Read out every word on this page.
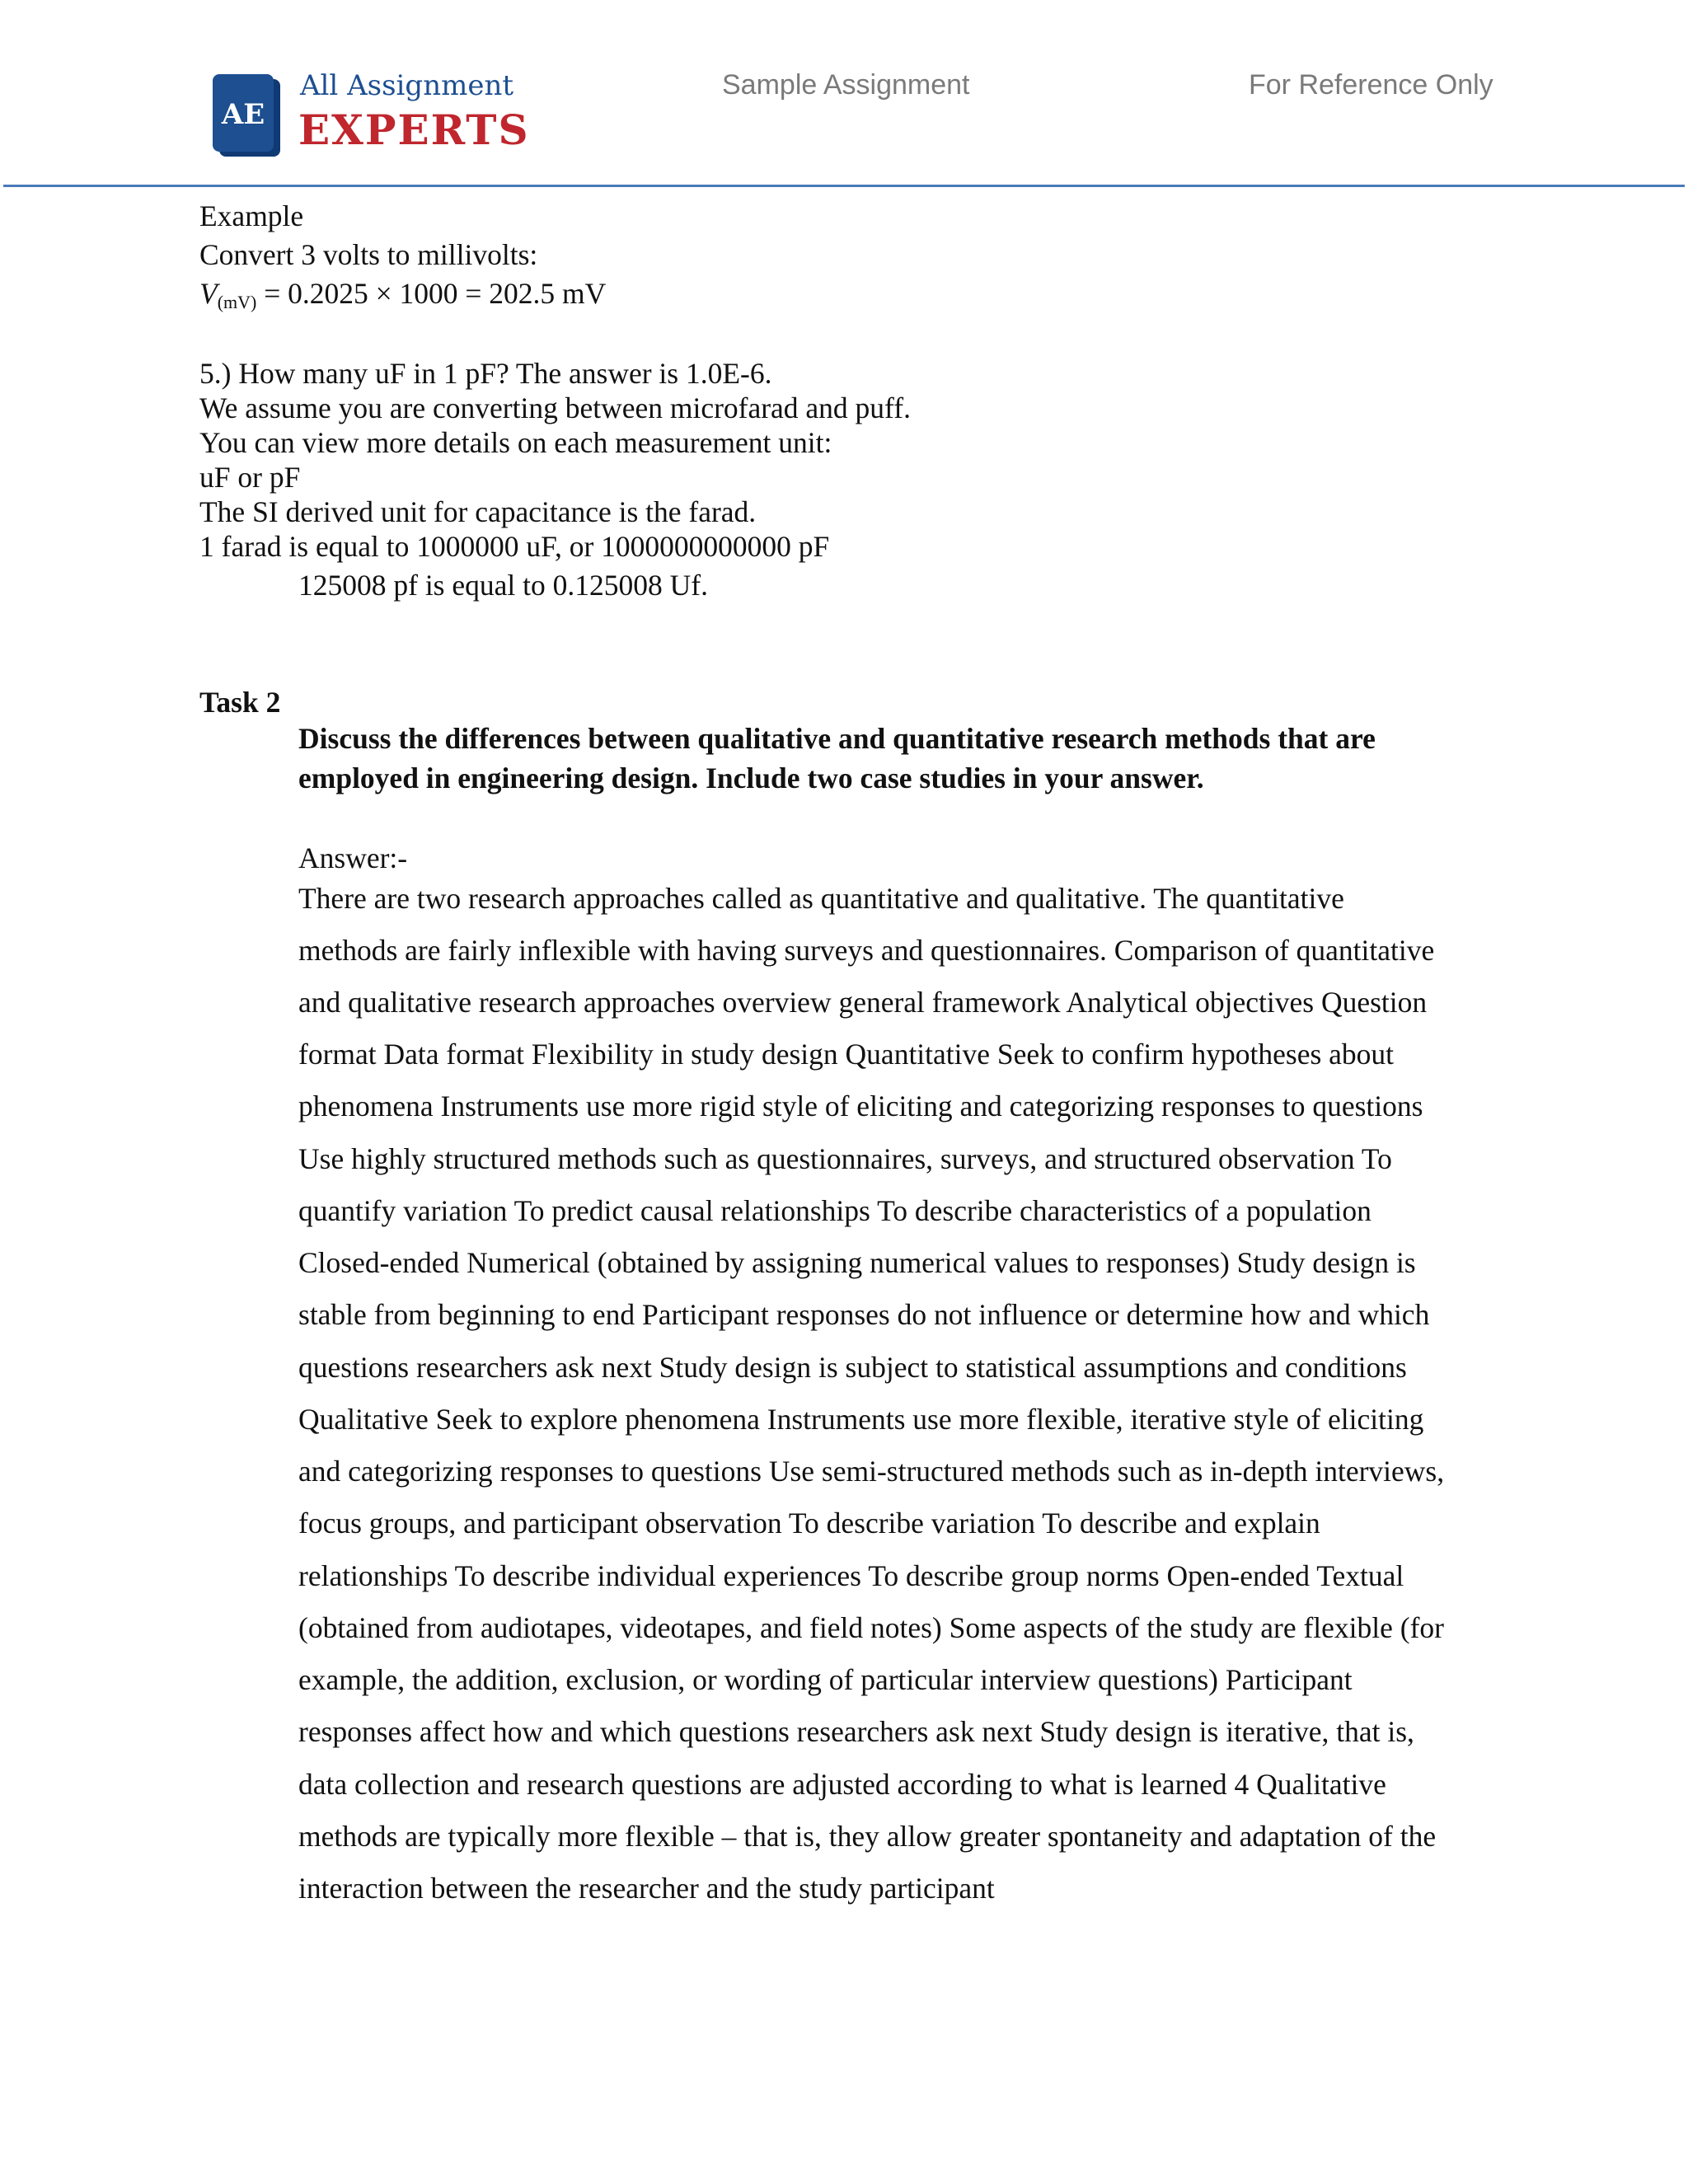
AE
All Assignment
EXPERTS
Sample Assignment	For Reference Only
Example
Convert 3 volts to millivolts:
$V_{(mV)} = 0.2025 \times 1000 = 202.5$ mV
5.) How many uF in 1 pF? The answer is 1.0E-6.
We assume you are converting between microfarad and puff.
You can view more details on each measurement unit:
uF or pF
The SI derived unit for capacitance is the farad.
1 farad is equal to 1000000 uF, or 1000000000000 pF
125008 pf is equal to 0.125008 Uf.
Task 2
Discuss the differences between qualitative and quantitative research methods that are
employed in engineering design. Include two case studies in your answer.
Answer:-
There are two research approaches called as quantitative and qualitative. The quantitative
methods are fairly inflexible with having surveys and questionnaires. Comparison of quantitative
and qualitative research approaches overview general framework Analytical objectives Question
format Data format Flexibility in study design Quantitative Seek to confirm hypotheses about
phenomena Instruments use more rigid style of eliciting and categorizing responses to questions
Use highly structured methods such as questionnaires, surveys, and structured observation To
quantify variation To predict causal relationships To describe characteristics of a population
Closed-ended Numerical (obtained by assigning numerical values to responses) Study design is
stable from beginning to end Participant responses do not influence or determine how and which
questions researchers ask next Study design is subject to statistical assumptions and conditions
Qualitative Seek to explore phenomena Instruments use more flexible, iterative style of eliciting
and categorizing responses to questions Use semi-structured methods such as in-depth interviews,
focus groups, and participant observation To describe variation To describe and explain
relationships To describe individual experiences To describe group norms Open-ended Textual
(obtained from audiotapes, videotapes, and field notes) Some aspects of the study are flexible (for
example, the addition, exclusion, or wording of particular interview questions) Participant
responses affect how and which questions researchers ask next Study design is iterative, that is,
data collection and research questions are adjusted according to what is learned 4 Qualitative
methods are typically more flexible – that is, they allow greater spontaneity and adaptation of the
interaction between the researcher and the study participant
